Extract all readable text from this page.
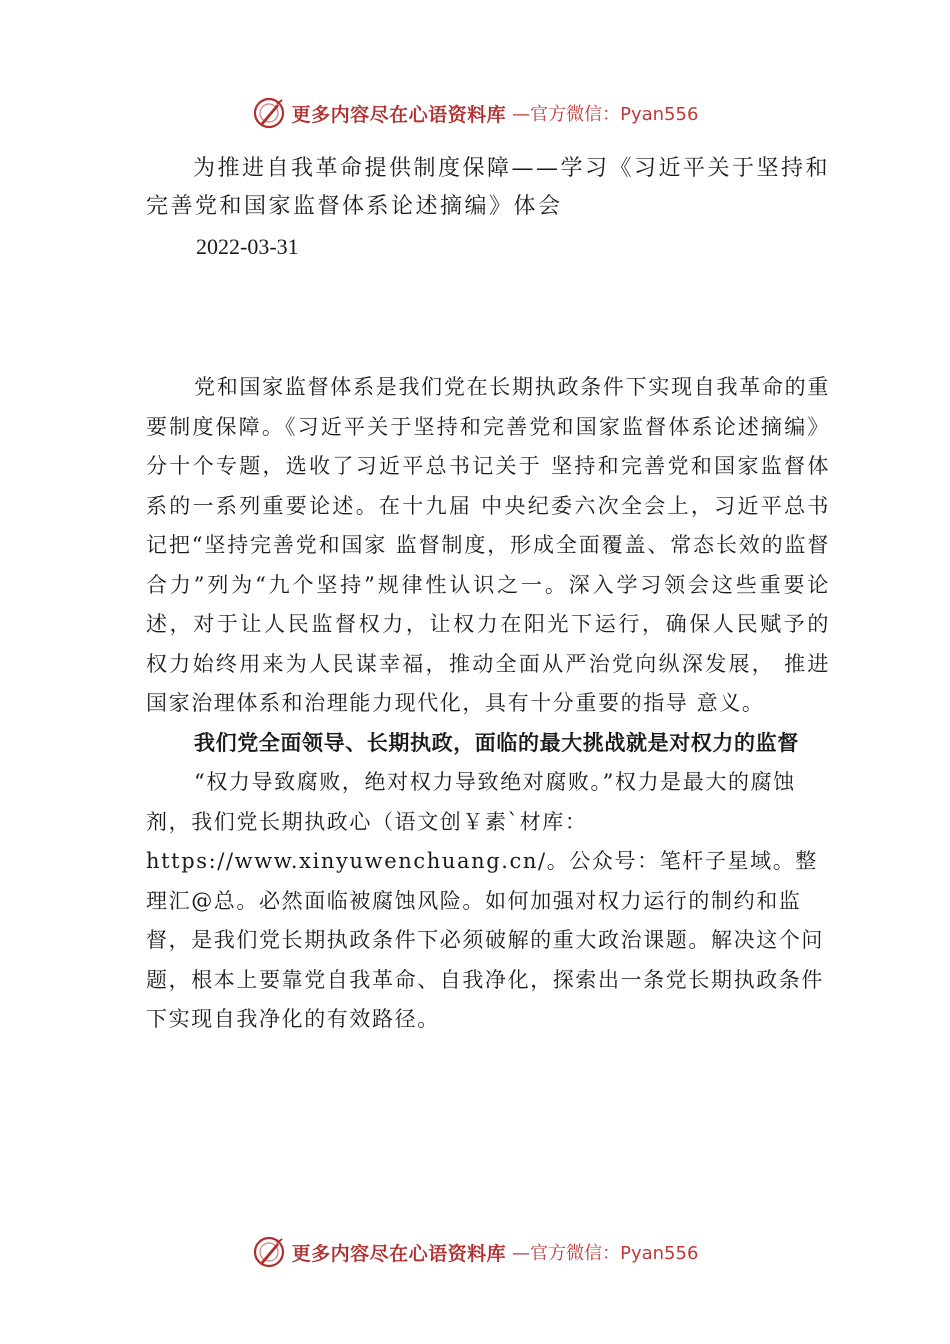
更多内容尽在心语资料库 —官方微信：Pyan556

为推进自我革命提供制度保障——学习《习近平关于坚持和完善党和国家监督体系论述摘编》体会

2022-03-31

党和国家监督体系是我们党在长期执政条件下实现自我革命的重要制度保障。《习近平关于坚持和完善党和国家监督体系论述摘编》分十个专题，选收了习近平总书记关于 坚持和完善党和国家监督体系的一系列重要论述。在十九届 中央纪委六次全会上，习近平总书记把“坚持完善党和国家 监督制度，形成全面覆盖、常态长效的监督合力”列为“九个坚持”规律性认识之一。深入学习领会这些重要论述，对于让人民监督权力，让权力在阳光下运行，确保人民赋予的 权力始终用来为人民谋幸福，推动全面从严治党向纵深发展， 推进国家治理体系和治理能力现代化，具有十分重要的指导 意义。

我们党全面领导、长期执政，面临的最大挑战就是对权力的监督

“权力导致腐败，绝对权力导致绝对腐败。”权力是最大的腐蚀剂，我们党长期执政心（语文创￥素`材库：https://www.xinyuwenchuang.cn/。公众号：笔杆子星域。整理汇@总。必然面临被腐蚀风险。如何加强对权力运行的制约和监督，是我们党长期执政条件下必须破解的重大政治课题。解决这个问题，根本上要靠党自我革命、自我净化，探索出一条党长期执政条件下实现自我净化的有效路径。

更多内容尽在心语资料库 —官方微信：Pyan556
